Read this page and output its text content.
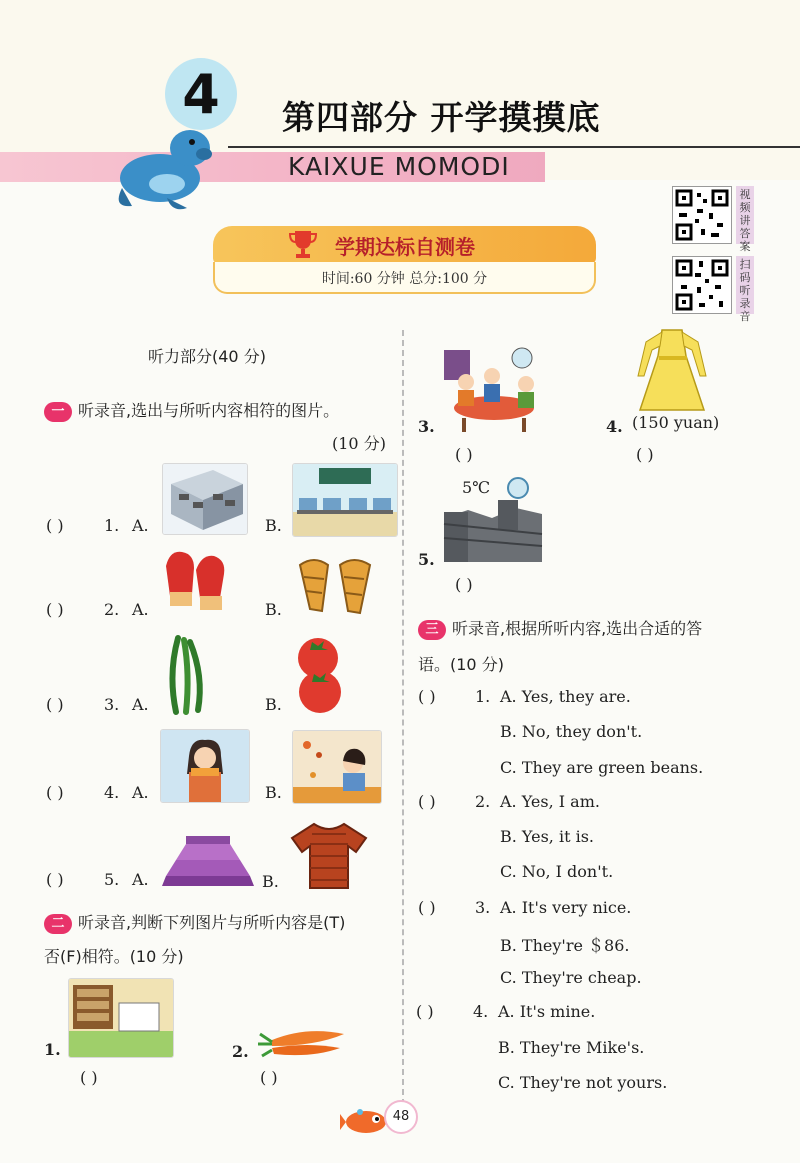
4	第四部分 开学摸摸底
KAIXUE MOMODI
视频讲答案
扫码听录音
学期达标自测卷
时间:60 分钟 总分:100 分
听力部分(40 分)
一 听录音,选出与所听内容相符的图片。
(10 分)
( )	1. A.	B.
( )	2. A.	B.
( )	3. A.	B.
( )	4. A.	B.
( )	5. A.	B.
二 听录音,判断下列图片与所听内容是(T)
否(F)相符。(10 分)
1.
( )
2.
( )
3.
( )
4. (150 yuan)
( )
5.
5℃
( )
三 听录音,根据所听内容,选出合适的答
语。(10 分)
( ) 1. A. Yes, they are.
B. No, they don't.
C. They are green beans.
( ) 2. A. Yes, I am.
B. Yes, it is.
C. No, I don't.
( ) 3. A. It's very nice.
B. They're ＄86.
C. They're cheap.
( ) 4. A. It's mine.
B. They're Mike's.
C. They're not yours.
48
